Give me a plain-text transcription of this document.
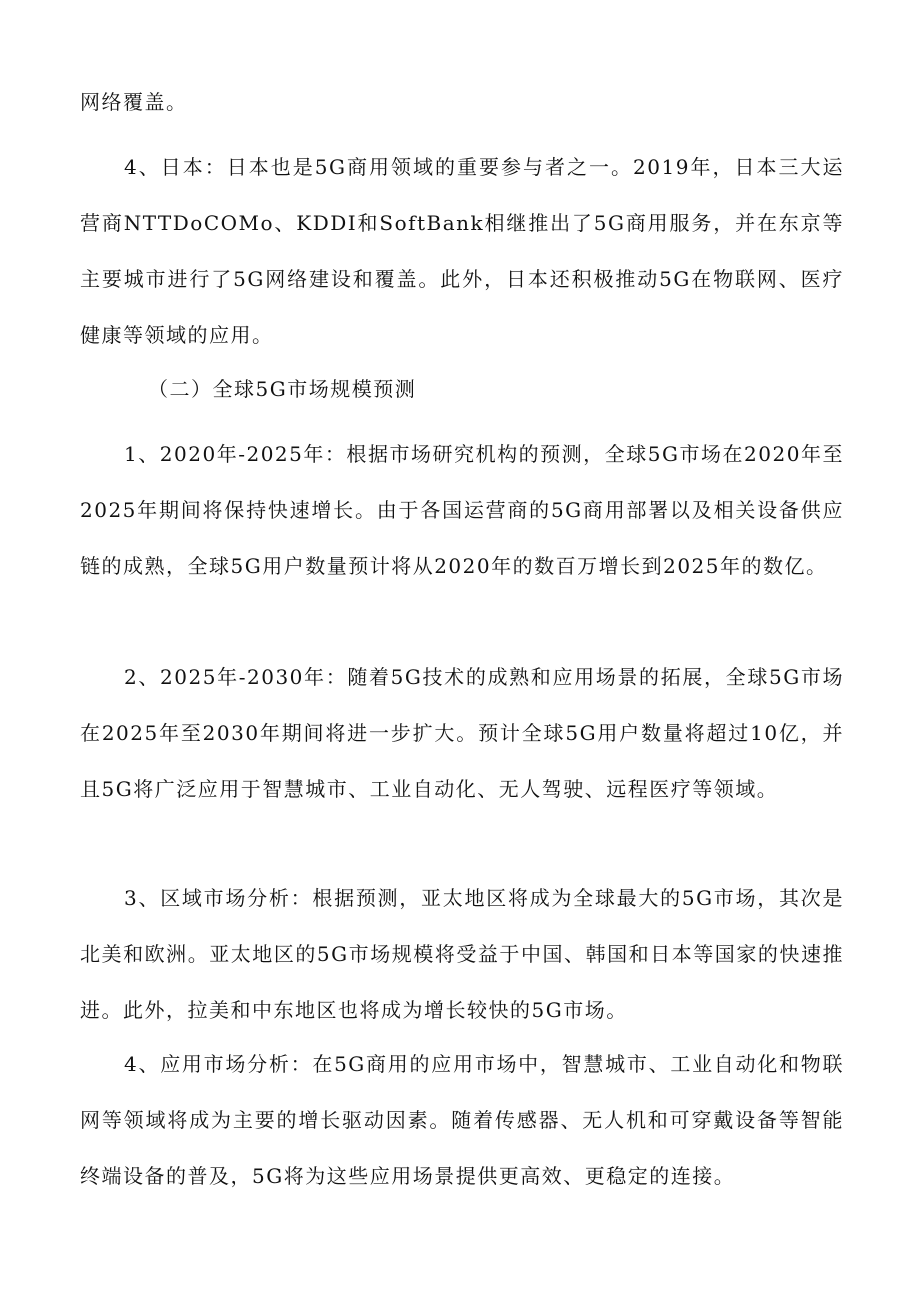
网络覆盖。

4、日本：日本也是5G商用领域的重要参与者之一。2019年，日本三大运营商NTTDoCOMo、KDDI和SoftBank相继推出了5G商用服务，并在东京等主要城市进行了5G网络建设和覆盖。此外，日本还积极推动5G在物联网、医疗健康等领域的应用。

（二）全球5G市场规模预测

1、2020年-2025年：根据市场研究机构的预测，全球5G市场在2020年至2025年期间将保持快速增长。由于各国运营商的5G商用部署以及相关设备供应链的成熟，全球5G用户数量预计将从2020年的数百万增长到2025年的数亿。

2、2025年-2030年：随着5G技术的成熟和应用场景的拓展，全球5G市场在2025年至2030年期间将进一步扩大。预计全球5G用户数量将超过10亿，并且5G将广泛应用于智慧城市、工业自动化、无人驾驶、远程医疗等领域。

3、区域市场分析：根据预测，亚太地区将成为全球最大的5G市场，其次是北美和欧洲。亚太地区的5G市场规模将受益于中国、韩国和日本等国家的快速推进。此外，拉美和中东地区也将成为增长较快的5G市场。

4、应用市场分析：在5G商用的应用市场中，智慧城市、工业自动化和物联网等领域将成为主要的增长驱动因素。随着传感器、无人机和可穿戴设备等智能终端设备的普及，5G将为这些应用场景提供更高效、更稳定的连接。
